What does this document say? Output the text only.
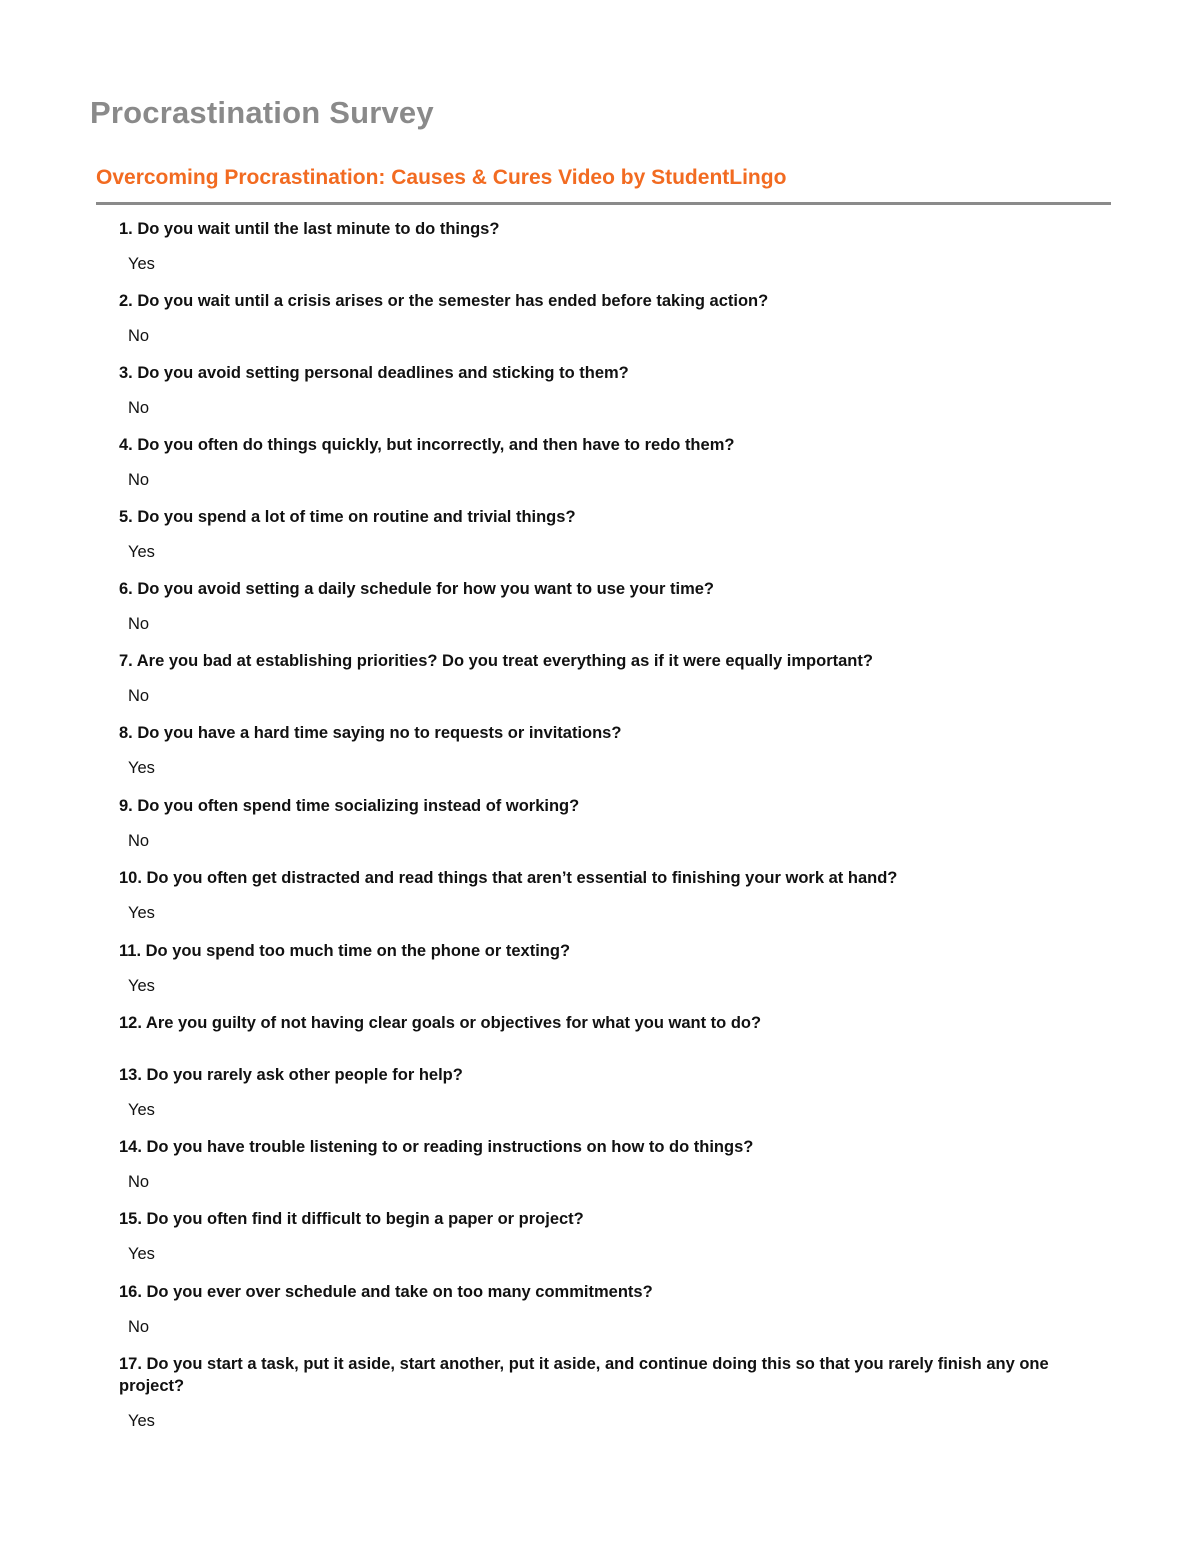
Procrastination Survey
Overcoming Procrastination: Causes & Cures Video by StudentLingo
1. Do you wait until the last minute to do things?
Yes
2. Do you wait until a crisis arises or the semester has ended before taking action?
No
3. Do you avoid setting personal deadlines and sticking to them?
No
4. Do you often do things quickly, but incorrectly, and then have to redo them?
No
5. Do you spend a lot of time on routine and trivial things?
Yes
6. Do you avoid setting a daily schedule for how you want to use your time?
No
7. Are you bad at establishing priorities? Do you treat everything as if it were equally important?
No
8. Do you have a hard time saying no to requests or invitations?
Yes
9. Do you often spend time socializing instead of working?
No
10. Do you often get distracted and read things that aren’t essential to finishing your work at hand?
Yes
11. Do you spend too much time on the phone or texting?
Yes
12. Are you guilty of not having clear goals or objectives for what you want to do?
13. Do you rarely ask other people for help?
Yes
14. Do you have trouble listening to or reading instructions on how to do things?
No
15. Do you often find it difficult to begin a paper or project?
Yes
16. Do you ever over schedule and take on too many commitments?
No
17. Do you start a task, put it aside, start another, put it aside, and continue doing this so that you rarely finish any one project?
Yes
